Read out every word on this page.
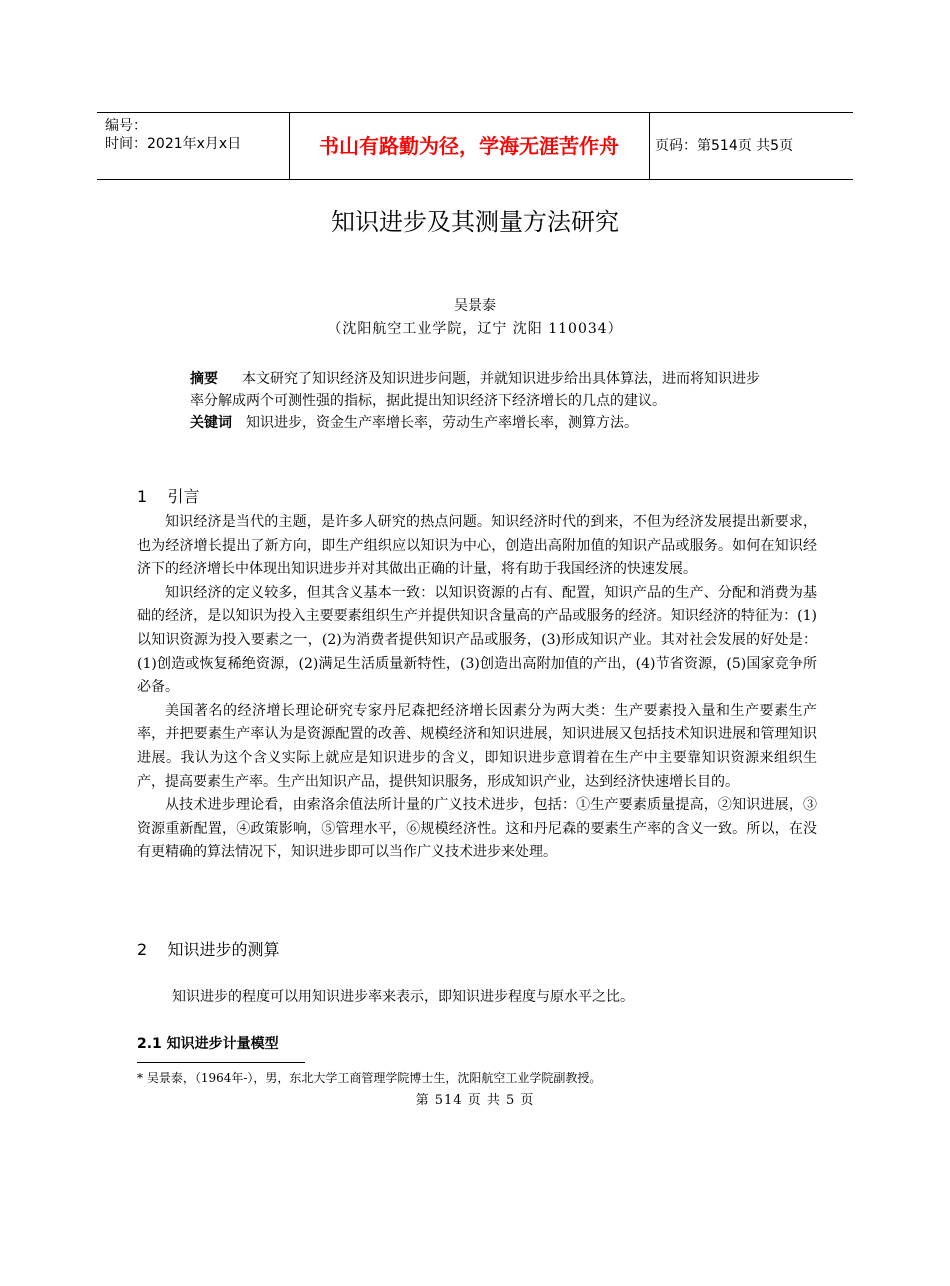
编号：
时间：2021年x月x日	书山有路勤为径，学海无涯苦作舟	页码：第514页 共5页
知识进步及其测量方法研究
吴景泰
（沈阳航空工业学院，辽宁 沈阳 110034）
摘要 本文研究了知识经济及知识进步问题，并就知识进步给出具体算法，进而将知识进步率分解成两个可测性强的指标，据此提出知识经济下经济增长的几点的建议。
关键词 知识进步，资金生产率增长率，劳动生产率增长率，测算方法。
1    引言

知识经济是当代的主题，是许多人研究的热点问题。知识经济时代的到来，不但为经济发展提出新要求，也为经济增长提出了新方向，即生产组织应以知识为中心，创造出高附加值的知识产品或服务。如何在知识经济下的经济增长中体现出知识进步并对其做出正确的计量，将有助于我国经济的快速发展。

知识经济的定义较多，但其含义基本一致：以知识资源的占有、配置，知识产品的生产、分配和消费为基础的经济，是以知识为投入主要要素组织生产并提供知识含量高的产品或服务的经济。知识经济的特征为：(1)以知识资源为投入要素之一，(2)为消费者提供知识产品或服务，(3)形成知识产业。其对社会发展的好处是：(1)创造或恢复稀绝资源，(2)满足生活质量新特性，(3)创造出高附加值的产出，(4)节省资源，(5)国家竞争所必备。

美国著名的经济增长理论研究专家丹尼森把经济增长因素分为两大类：生产要素投入量和生产要素生产率，并把要素生产率认为是资源配置的改善、规模经济和知识进展，知识进展又包括技术知识进展和管理知识进展。我认为这个含义实际上就应是知识进步的含义，即知识进步意谓着在生产中主要靠知识资源来组织生产，提高要素生产率。生产出知识产品，提供知识服务，形成知识产业，达到经济快速增长目的。

从技术进步理论看，由索洛余值法所计量的广义技术进步，包括：①生产要素质量提高，②知识进展，③资源重新配置，④政策影响，⑤管理水平，⑥规模经济性。这和丹尼森的要素生产率的含义一致。所以，在没有更精确的算法情况下，知识进步即可以当作广义技术进步来处理。

2    知识进步的测算

知识进步的程度可以用知识进步率来表示，即知识进步程度与原水平之比。

2.1 知识进步计量模型
* 吴景泰，（1964年-），男，东北大学工商管理学院博士生，沈阳航空工业学院副教授。
第 514 页 共 5 页
